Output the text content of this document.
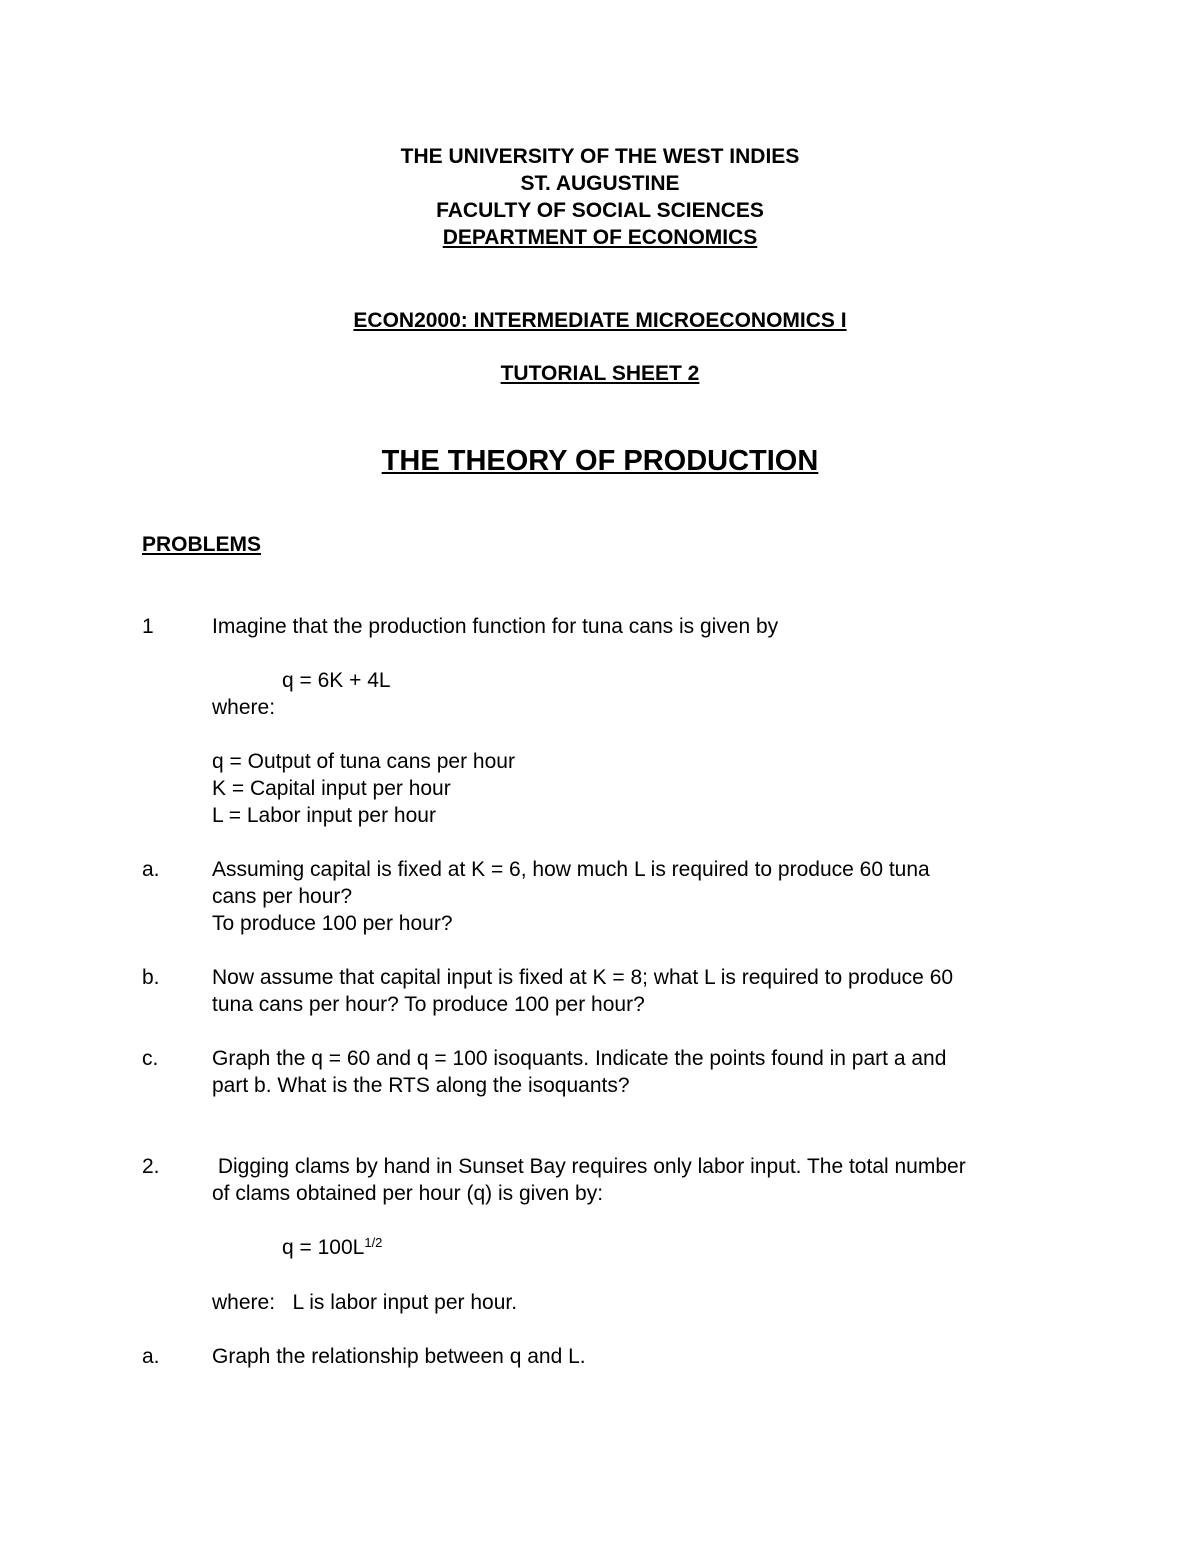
THE UNIVERSITY OF THE WEST INDIES
ST. AUGUSTINE
FACULTY OF SOCIAL SCIENCES
DEPARTMENT OF ECONOMICS
ECON2000: INTERMEDIATE MICROECONOMICS I
TUTORIAL SHEET 2
THE THEORY OF PRODUCTION
PROBLEMS
1	Imagine that the production function for tuna cans is given by
q = 6K + 4L
where:
q = Output of tuna cans per hour
K = Capital input per hour
L = Labor input per hour
a. Assuming capital is fixed at K = 6, how much L is required to produce 60 tuna
cans per hour?
To produce 100 per hour?
b. Now assume that capital input is fixed at K = 8; what L is required to produce 60
tuna cans per hour? To produce 100 per hour?
c.	Graph the q = 60 and q = 100 isoquants. Indicate the points found in part a and
part b. What is the RTS along the isoquants?
2. Digging clams by hand in Sunset Bay requires only labor input. The total number
of clams obtained per hour (q) is given by:
$q = 100L^{1/2}$
where:   L is labor input per hour.
a. Graph the relationship between q and L.
